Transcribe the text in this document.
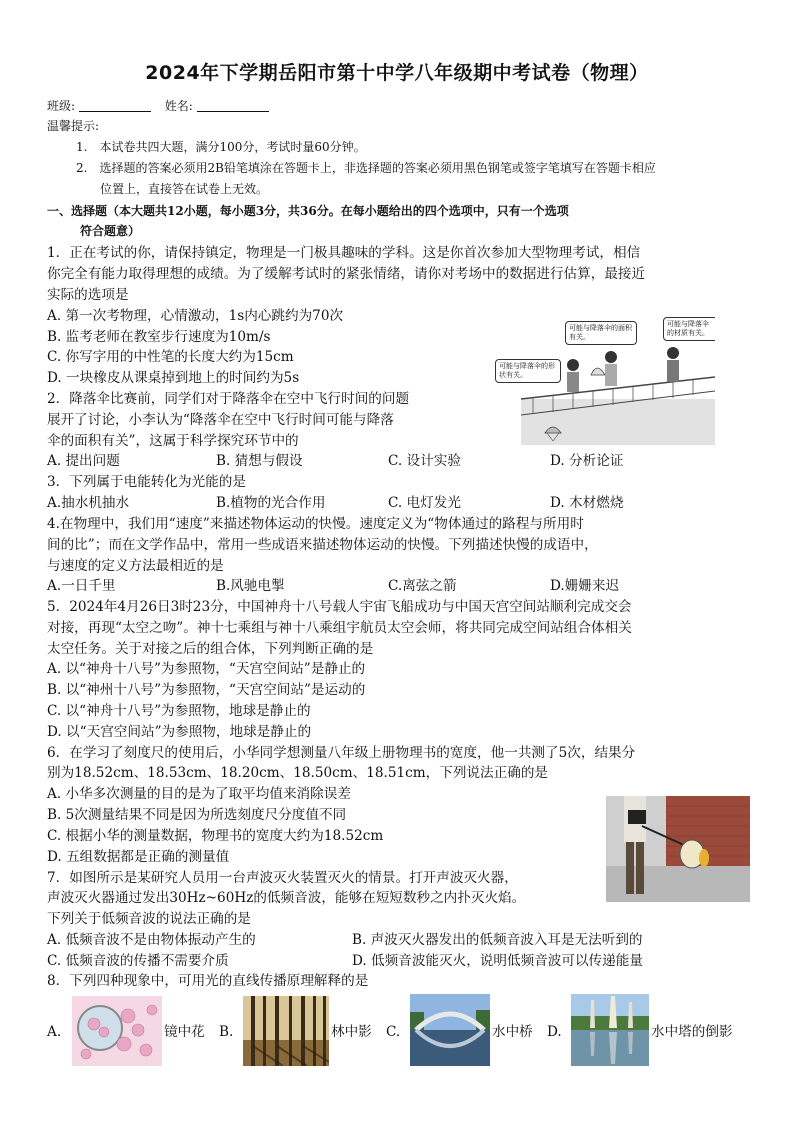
2024年下学期岳阳市第十中学八年级期中考试卷（物理）
班级:	姓名:
温馨提示:
1.　本试卷共四大题，满分100分，考试时量60分钟。
2.　选择题的答案必须用2B铅笔填涂在答题卡上，非选择题的答案必须用黑色钢笔或签字笔填写在答题卡相应
位置上，直接答在试卷上无效。
一、选择题（本大题共12小题，每小题3分，共36分。在每小题给出的四个选项中，只有一个选项
符合题意）
1．正在考试的你，请保持镇定，物理是一门极具趣味的学科。这是你首次参加大型物理考试，相信
你完全有能力取得理想的成绩。为了缓解考试时的紧张情绪，请你对考场中的数据进行估算，最接近
实际的选项是
A. 第一次考物理，心情激动，1s内心跳约为70次
B. 监考老师在教室步行速度为10m/s
C. 你写字用的中性笔的长度大约为15cm
D. 一块橡皮从课桌掉到地上的时间约为5s
可能与降落伞的面积有关。
可能与降落伞的材质有关。
可能与降落伞的形状有关。
2．降落伞比赛前，同学们对于降落伞在空中飞行时间的问题
展开了讨论，小李认为“降落伞在空中飞行时间可能与降落
伞的面积有关”，这属于科学探究环节中的
A. 提出问题	B. 猜想与假设	C. 设计实验	D. 分析论证
3．下列属于电能转化为光能的是
A.抽水机抽水	B.植物的光合作用	C. 电灯发光	D. 木材燃烧
4.在物理中，我们用“速度”来描述物体运动的快慢。速度定义为“物体通过的路程与所用时
间的比”；而在文学作品中，常用一些成语来描述物体运动的快慢。下列描述快慢的成语中，
与速度的定义方法最相近的是
A.一日千里	B.风驰电掣	C.离弦之箭	D.姗姗来迟
5．2024年4月26日3时23分，中国神舟十八号载人宇宙飞船成功与中国天宫空间站顺利完成交会
对接，再现“太空之吻”。神十七乘组与神十八乘组宇航员太空会师，将共同完成空间站组合体相关
太空任务。关于对接之后的组合体，下列判断正确的是
A. 以“神舟十八号”为参照物，“天宫空间站”是静止的
B. 以“神州十八号”为参照物，“天宫空间站”是运动的
C. 以“神舟十八号”为参照物，地球是静止的
D. 以“天宫空间站”为参照物，地球是静止的
6．在学习了刻度尺的使用后，小华同学想测量八年级上册物理书的宽度，他一共测了5次，结果分
别为18.52cm、18.53cm、18.20cm、18.50cm、18.51cm，下列说法正确的是
A. 小华多次测量的目的是为了取平均值来消除误差
B. 5次测量结果不同是因为所选刻度尺分度值不同
C. 根据小华的测量数据，物理书的宽度大约为18.52cm
D. 五组数据都是正确的测量值
7．如图所示是某研究人员用一台声波灭火装置灭火的情景。打开声波灭火器，
声波灭火器通过发出30Hz~60Hz的低频音波，能够在短短数秒之内扑灭火焰。
下列关于低频音波的说法正确的是
A. 低频音波不是由物体振动产生的	B. 声波灭火器发出的低频音波入耳是无法听到的
C. 低频音波的传播不需要介质	D. 低频音波能灭火，说明低频音波可以传递能量
8．下列四种现象中，可用光的直线传播原理解释的是
A.	镜中花 B.	林中影 C.	水中桥 D.	水中塔的倒影
